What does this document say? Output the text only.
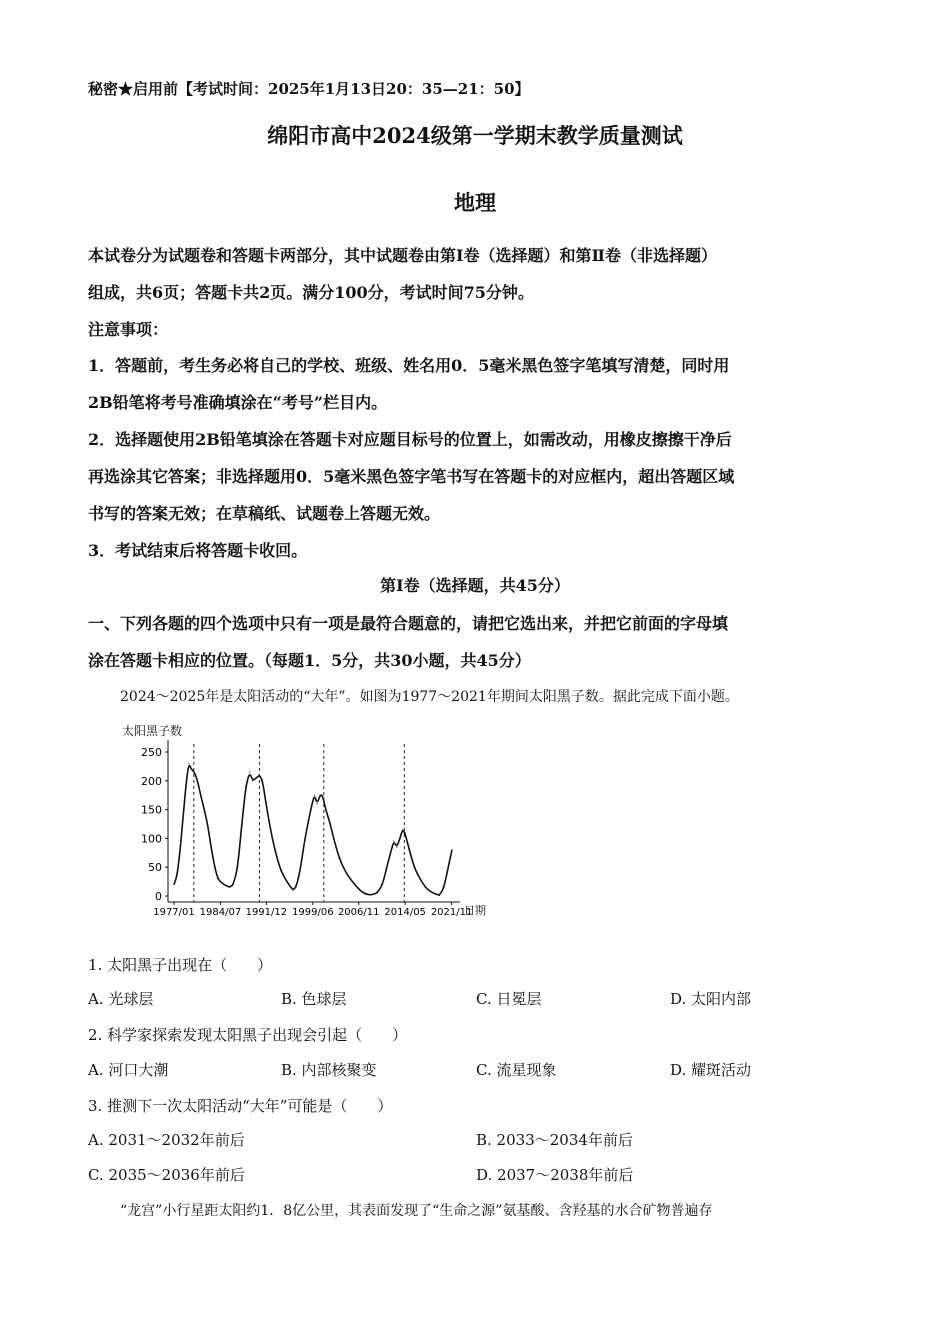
秘密★启用前【考试时间：2025年1月13日20：35—21：50】
绵阳市高中2024级第一学期末教学质量测试
地理
本试卷分为试题卷和答题卡两部分，其中试题卷由第I卷（选择题）和第Ⅱ卷（非选择题）
组成，共6页；答题卡共2页。满分100分，考试时间75分钟。
注意事项：
1．答题前，考生务必将自己的学校、班级、姓名用0．5毫米黑色签字笔填写清楚，同时用
2B铅笔将考号准确填涂在“考号”栏目内。
2．选择题使用2B铅笔填涂在答题卡对应题目标号的位置上，如需改动，用橡皮擦擦干净后
再选涂其它答案；非选择题用0．5毫米黑色签字笔书写在答题卡的对应框内，超出答题区域
书写的答案无效；在草稿纸、试题卷上答题无效。
3．考试结束后将答题卡收回。
第Ⅰ卷（选择题，共45分）
一、下列各题的四个选项中只有一项是最符合题意的，请把它选出来，并把它前面的字母填
涂在答题卡相应的位置。（每题1．5分，共30小题，共45分）
2024～2025年是太阳活动的“大年”。如图为1977～2021年期间太阳黑子数。据此完成下面小题。
太阳黑子数
250
200
150
100
50
0
1977/01 1984/07 1991/12 1999/06 2006/11 2014/05 2021/11
日期
1. 太阳黑子出现在（　　）
A. 光球层	B. 色球层	C. 日冕层	D. 太阳内部
2. 科学家探索发现太阳黑子出现会引起（　　）
A. 河口大潮	B. 内部核聚变	C. 流星现象	D. 耀斑活动
3. 推测下一次太阳活动“大年”可能是（　　）
A. 2031～2032年前后	B. 2033～2034年前后
C. 2035～2036年前后	D. 2037～2038年前后
“龙宫”小行星距太阳约1．8亿公里，其表面发现了“生命之源”氨基酸、含羟基的水合矿物普遍存
